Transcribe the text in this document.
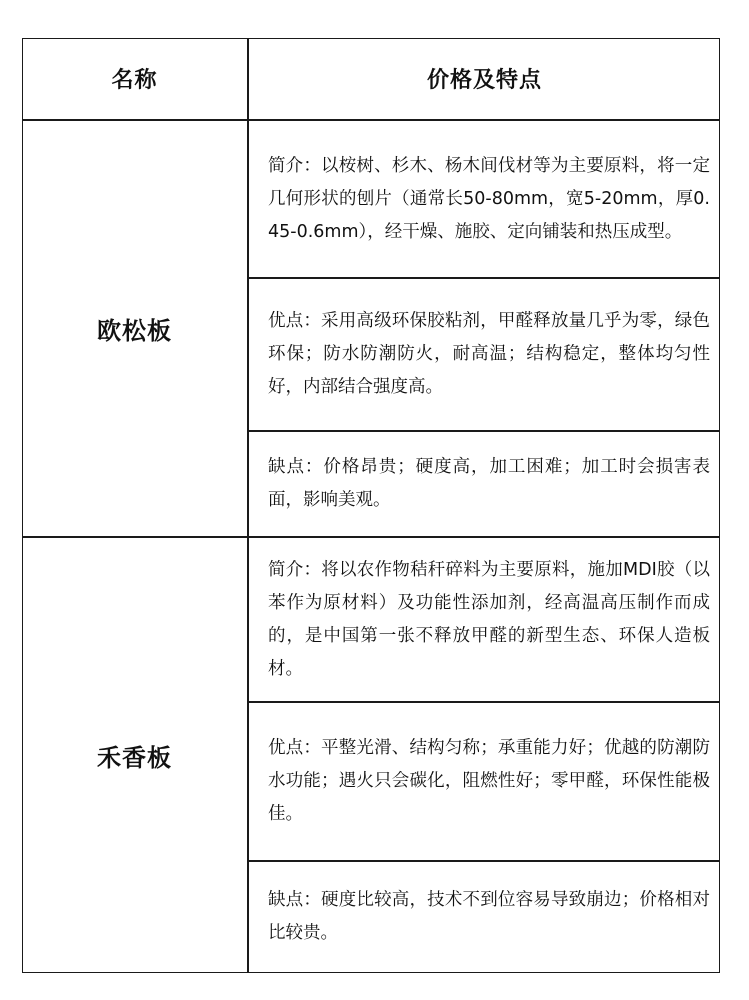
名称	价格及特点
欧松板
简介：以桉树、杉木、杨木间伐材等为主要原料，将一定几何形状的刨片（通常长50-80mm，宽5-20mm，厚0.45-0.6mm），经干燥、施胶、定向铺装和热压成型。
优点：采用高级环保胶粘剂，甲醛释放量几乎为零，绿色环保；防水防潮防火，耐高温；结构稳定，整体均匀性好，内部结合强度高。
缺点：价格昂贵；硬度高，加工困难；加工时会损害表面，影响美观。
禾香板
简介：将以农作物秸秆碎料为主要原料，施加MDI胶（以苯作为原材料）及功能性添加剂，经高温高压制作而成的，是中国第一张不释放甲醛的新型生态、环保人造板材。
优点：平整光滑、结构匀称；承重能力好；优越的防潮防水功能；遇火只会碳化，阻燃性好；零甲醛，环保性能极佳。
缺点：硬度比较高，技术不到位容易导致崩边；价格相对比较贵。
